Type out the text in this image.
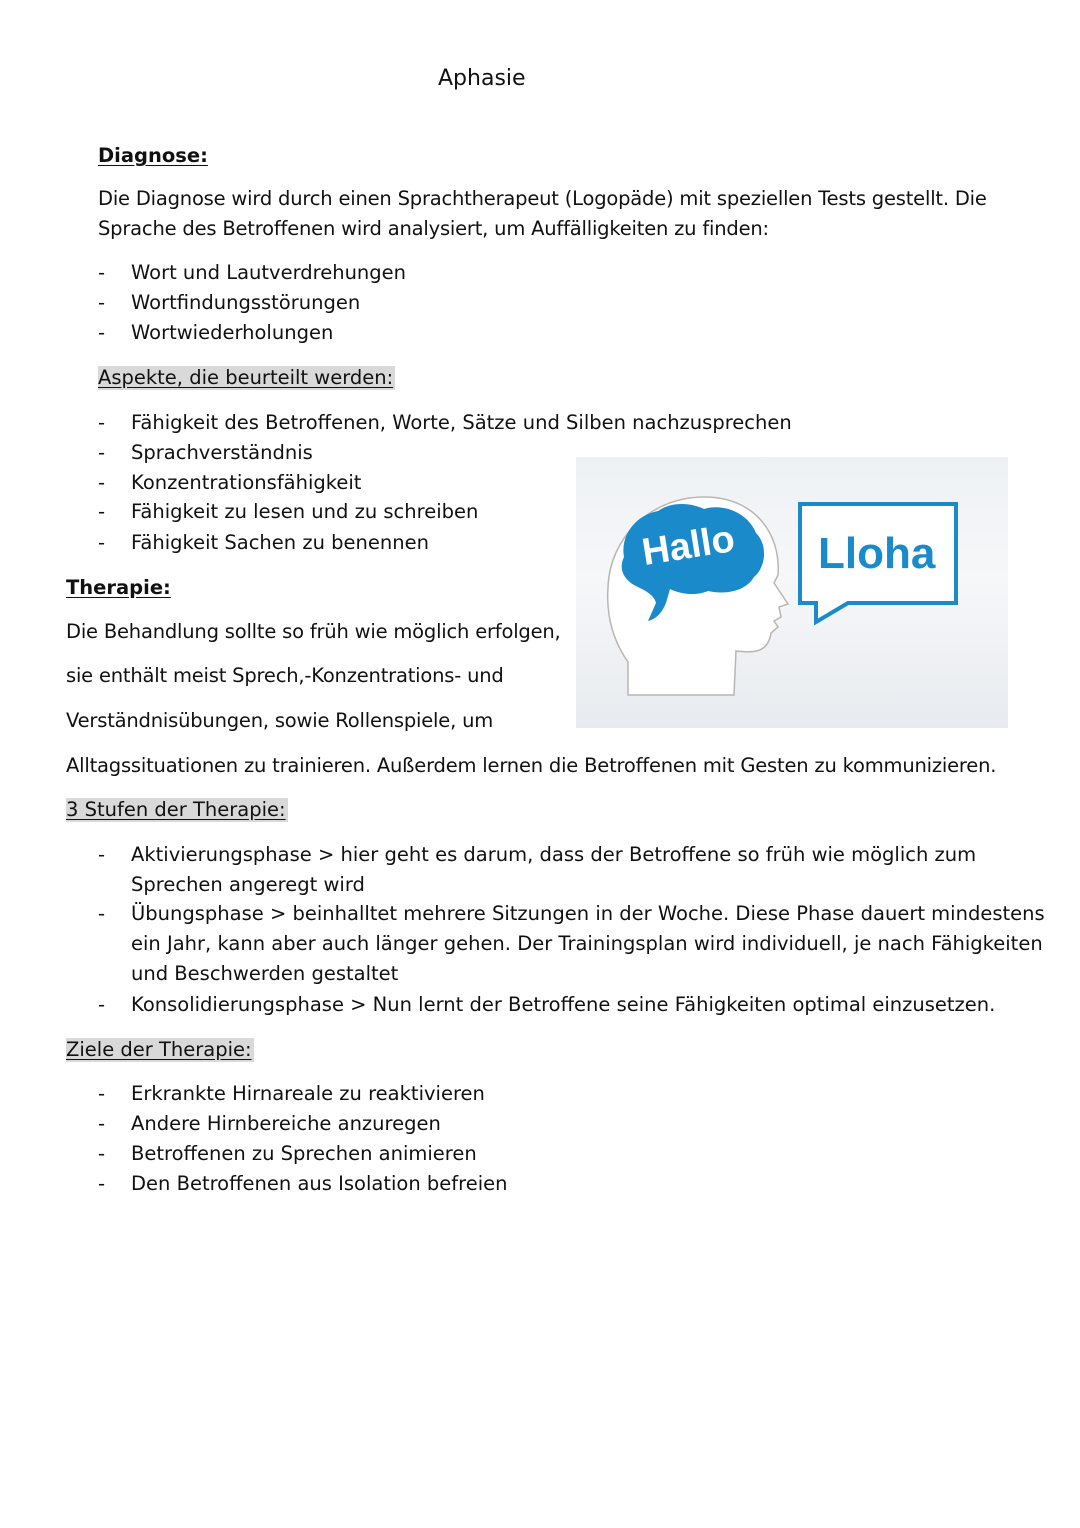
Aphasie
Diagnose:
Die Diagnose wird durch einen Sprachtherapeut (Logopäde) mit speziellen Tests gestellt. Die
Sprache des Betroffenen wird analysiert, um Auffälligkeiten zu finden:
- Wort und Lautverdrehungen
- Wortfindungsstörungen
- Wortwiederholungen
Aspekte, die beurteilt werden:
- Fähigkeit des Betroffenen, Worte, Sätze und Silben nachzusprechen
- Sprachverständnis
- Konzentrationsfähigkeit
- Fähigkeit zu lesen und zu schreiben
- Fähigkeit Sachen zu benennen	Hallo Lloha
Therapie:
Die Behandlung sollte so früh wie möglich erfolgen,
sie enthält meist Sprech,-Konzentrations- und
Verständnisübungen, sowie Rollenspiele, um
Alltagssituationen zu trainieren. Außerdem lernen die Betroffenen mit Gesten zu kommunizieren.
3 Stufen der Therapie:
- Aktivierungsphase > hier geht es darum, dass der Betroffene so früh wie möglich zum
Sprechen angeregt wird
- Übungsphase > beinhalltet mehrere Sitzungen in der Woche. Diese Phase dauert mindestens
ein Jahr, kann aber auch länger gehen. Der Trainingsplan wird individuell, je nach Fähigkeiten
und Beschwerden gestaltet
- Konsolidierungsphase > Nun lernt der Betroffene seine Fähigkeiten optimal einzusetzen.
Ziele der Therapie:
- Erkrankte Hirnareale zu reaktivieren
- Andere Hirnbereiche anzuregen
- Betroffenen zu Sprechen animieren
- Den Betroffenen aus Isolation befreien
